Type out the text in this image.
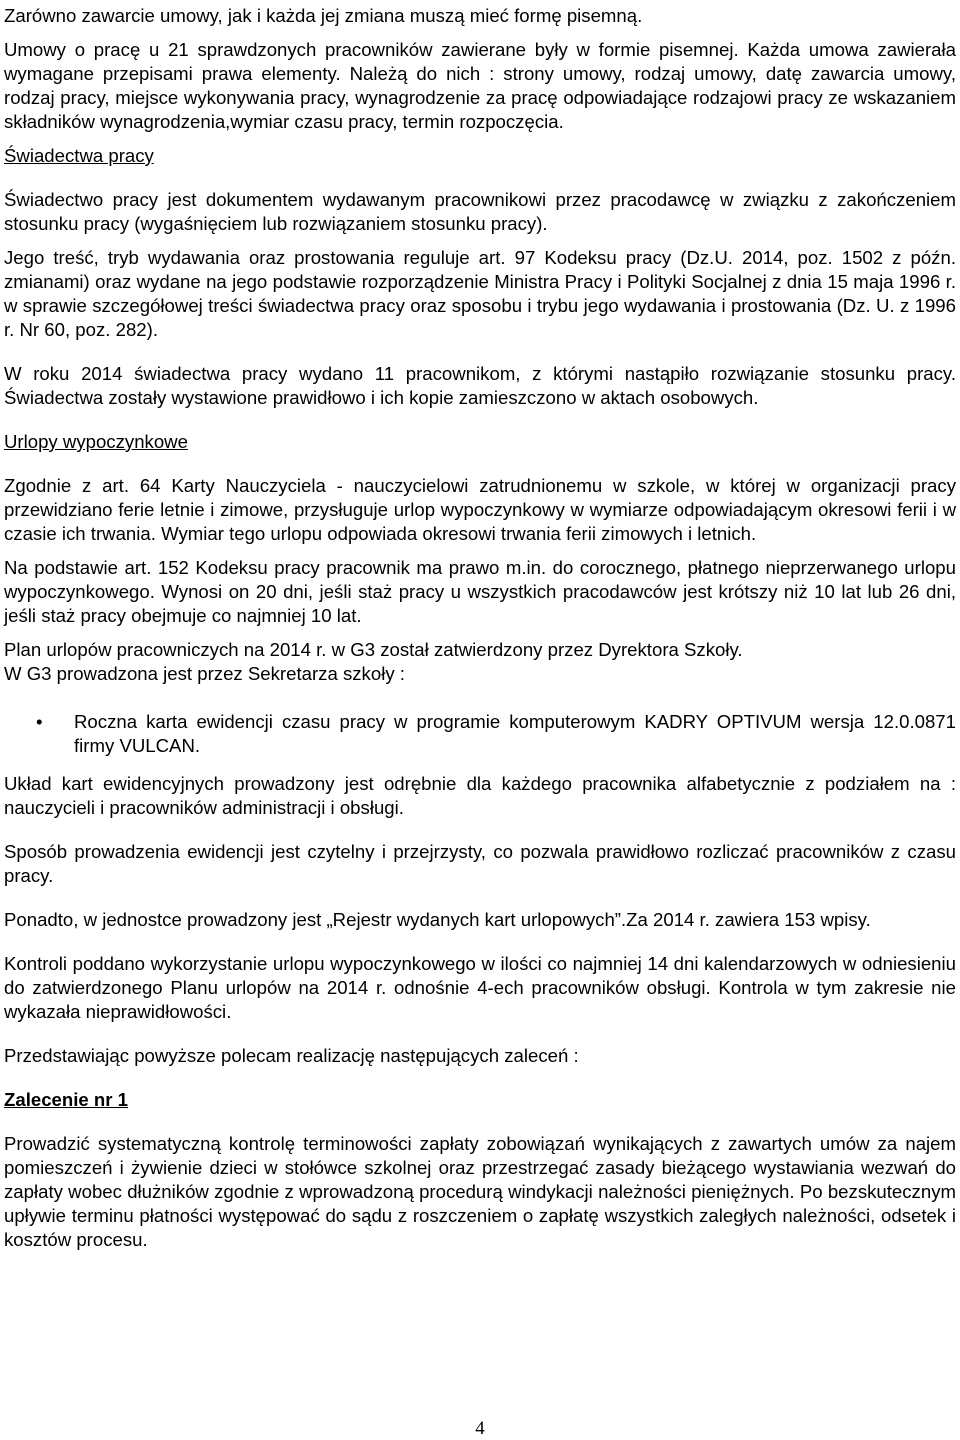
Zarówno zawarcie umowy, jak i każda jej zmiana muszą mieć formę pisemną.

Umowy o pracę u 21 sprawdzonych pracowników zawierane były w formie pisemnej. Każda umowa zawierała wymagane przepisami prawa elementy. Należą do nich : strony umowy, rodzaj umowy, datę zawarcia umowy, rodzaj pracy, miejsce wykonywania pracy, wynagrodzenie za pracę odpowiadające rodzajowi pracy ze wskazaniem składników wynagrodzenia,wymiar czasu pracy, termin rozpoczęcia.

Świadectwa pracy

Świadectwo pracy jest dokumentem wydawanym pracownikowi przez pracodawcę w związku z zakończeniem stosunku pracy (wygaśnięciem lub rozwiązaniem stosunku pracy).

Jego treść, tryb wydawania oraz prostowania reguluje art. 97 Kodeksu pracy (Dz.U. 2014, poz. 1502 z późn. zmianami) oraz wydane na jego podstawie rozporządzenie Ministra Pracy i Polityki Socjalnej z dnia 15 maja 1996 r. w sprawie szczegółowej treści świadectwa pracy oraz sposobu i trybu jego wydawania i prostowania (Dz. U. z 1996 r. Nr 60, poz. 282).

W roku 2014 świadectwa pracy wydano 11 pracownikom, z którymi nastąpiło rozwiązanie stosunku pracy. Świadectwa zostały wystawione prawidłowo i ich kopie zamieszczono w aktach osobowych.

Urlopy wypoczynkowe

Zgodnie z art. 64 Karty Nauczyciela - nauczycielowi zatrudnionemu w szkole, w której w organizacji pracy przewidziano ferie letnie i zimowe, przysługuje urlop wypoczynkowy w wymiarze odpowiadającym okresowi ferii i w czasie ich trwania. Wymiar tego urlopu odpowiada okresowi trwania ferii zimowych i letnich.

Na podstawie art. 152 Kodeksu pracy pracownik ma prawo m.in. do corocznego, płatnego nieprzerwanego urlopu wypoczynkowego. Wynosi on 20 dni, jeśli staż pracy u wszystkich pracodawców jest krótszy niż 10 lat lub 26 dni, jeśli staż pracy obejmuje co najmniej 10 lat.

Plan urlopów pracowniczych na 2014 r. w G3 został zatwierdzony przez Dyrektora Szkoły.

W G3 prowadzona jest przez Sekretarza szkoły :

•	Roczna karta ewidencji czasu pracy w programie komputerowym KADRY OPTIVUM wersja 12.0.0871 firmy VULCAN.

Układ kart ewidencyjnych prowadzony jest odrębnie dla każdego pracownika alfabetycznie z podziałem na : nauczycieli i pracowników administracji i obsługi.

Sposób prowadzenia ewidencji jest czytelny i przejrzysty, co pozwala prawidłowo rozliczać pracowników z czasu pracy.

Ponadto, w jednostce prowadzony jest „Rejestr wydanych kart urlopowych”.Za 2014 r. zawiera 153 wpisy.

Kontroli poddano wykorzystanie urlopu wypoczynkowego w ilości co najmniej 14 dni kalendarzowych w odniesieniu do zatwierdzonego Planu urlopów na 2014 r. odnośnie 4-ech pracowników obsługi. Kontrola w tym zakresie nie wykazała nieprawidłowości.

Przedstawiając powyższe polecam realizację następujących zaleceń :

Zalecenie nr 1

Prowadzić systematyczną kontrolę terminowości zapłaty zobowiązań wynikających z zawartych umów za najem pomieszczeń i żywienie dzieci w stołówce szkolnej oraz przestrzegać zasady bieżącego wystawiania wezwań do zapłaty wobec dłużników zgodnie z wprowadzoną procedurą windykacji należności pieniężnych. Po bezskutecznym upływie terminu płatności występować do sądu z roszczeniem o zapłatę wszystkich zaległych należności, odsetek i kosztów procesu.

4
